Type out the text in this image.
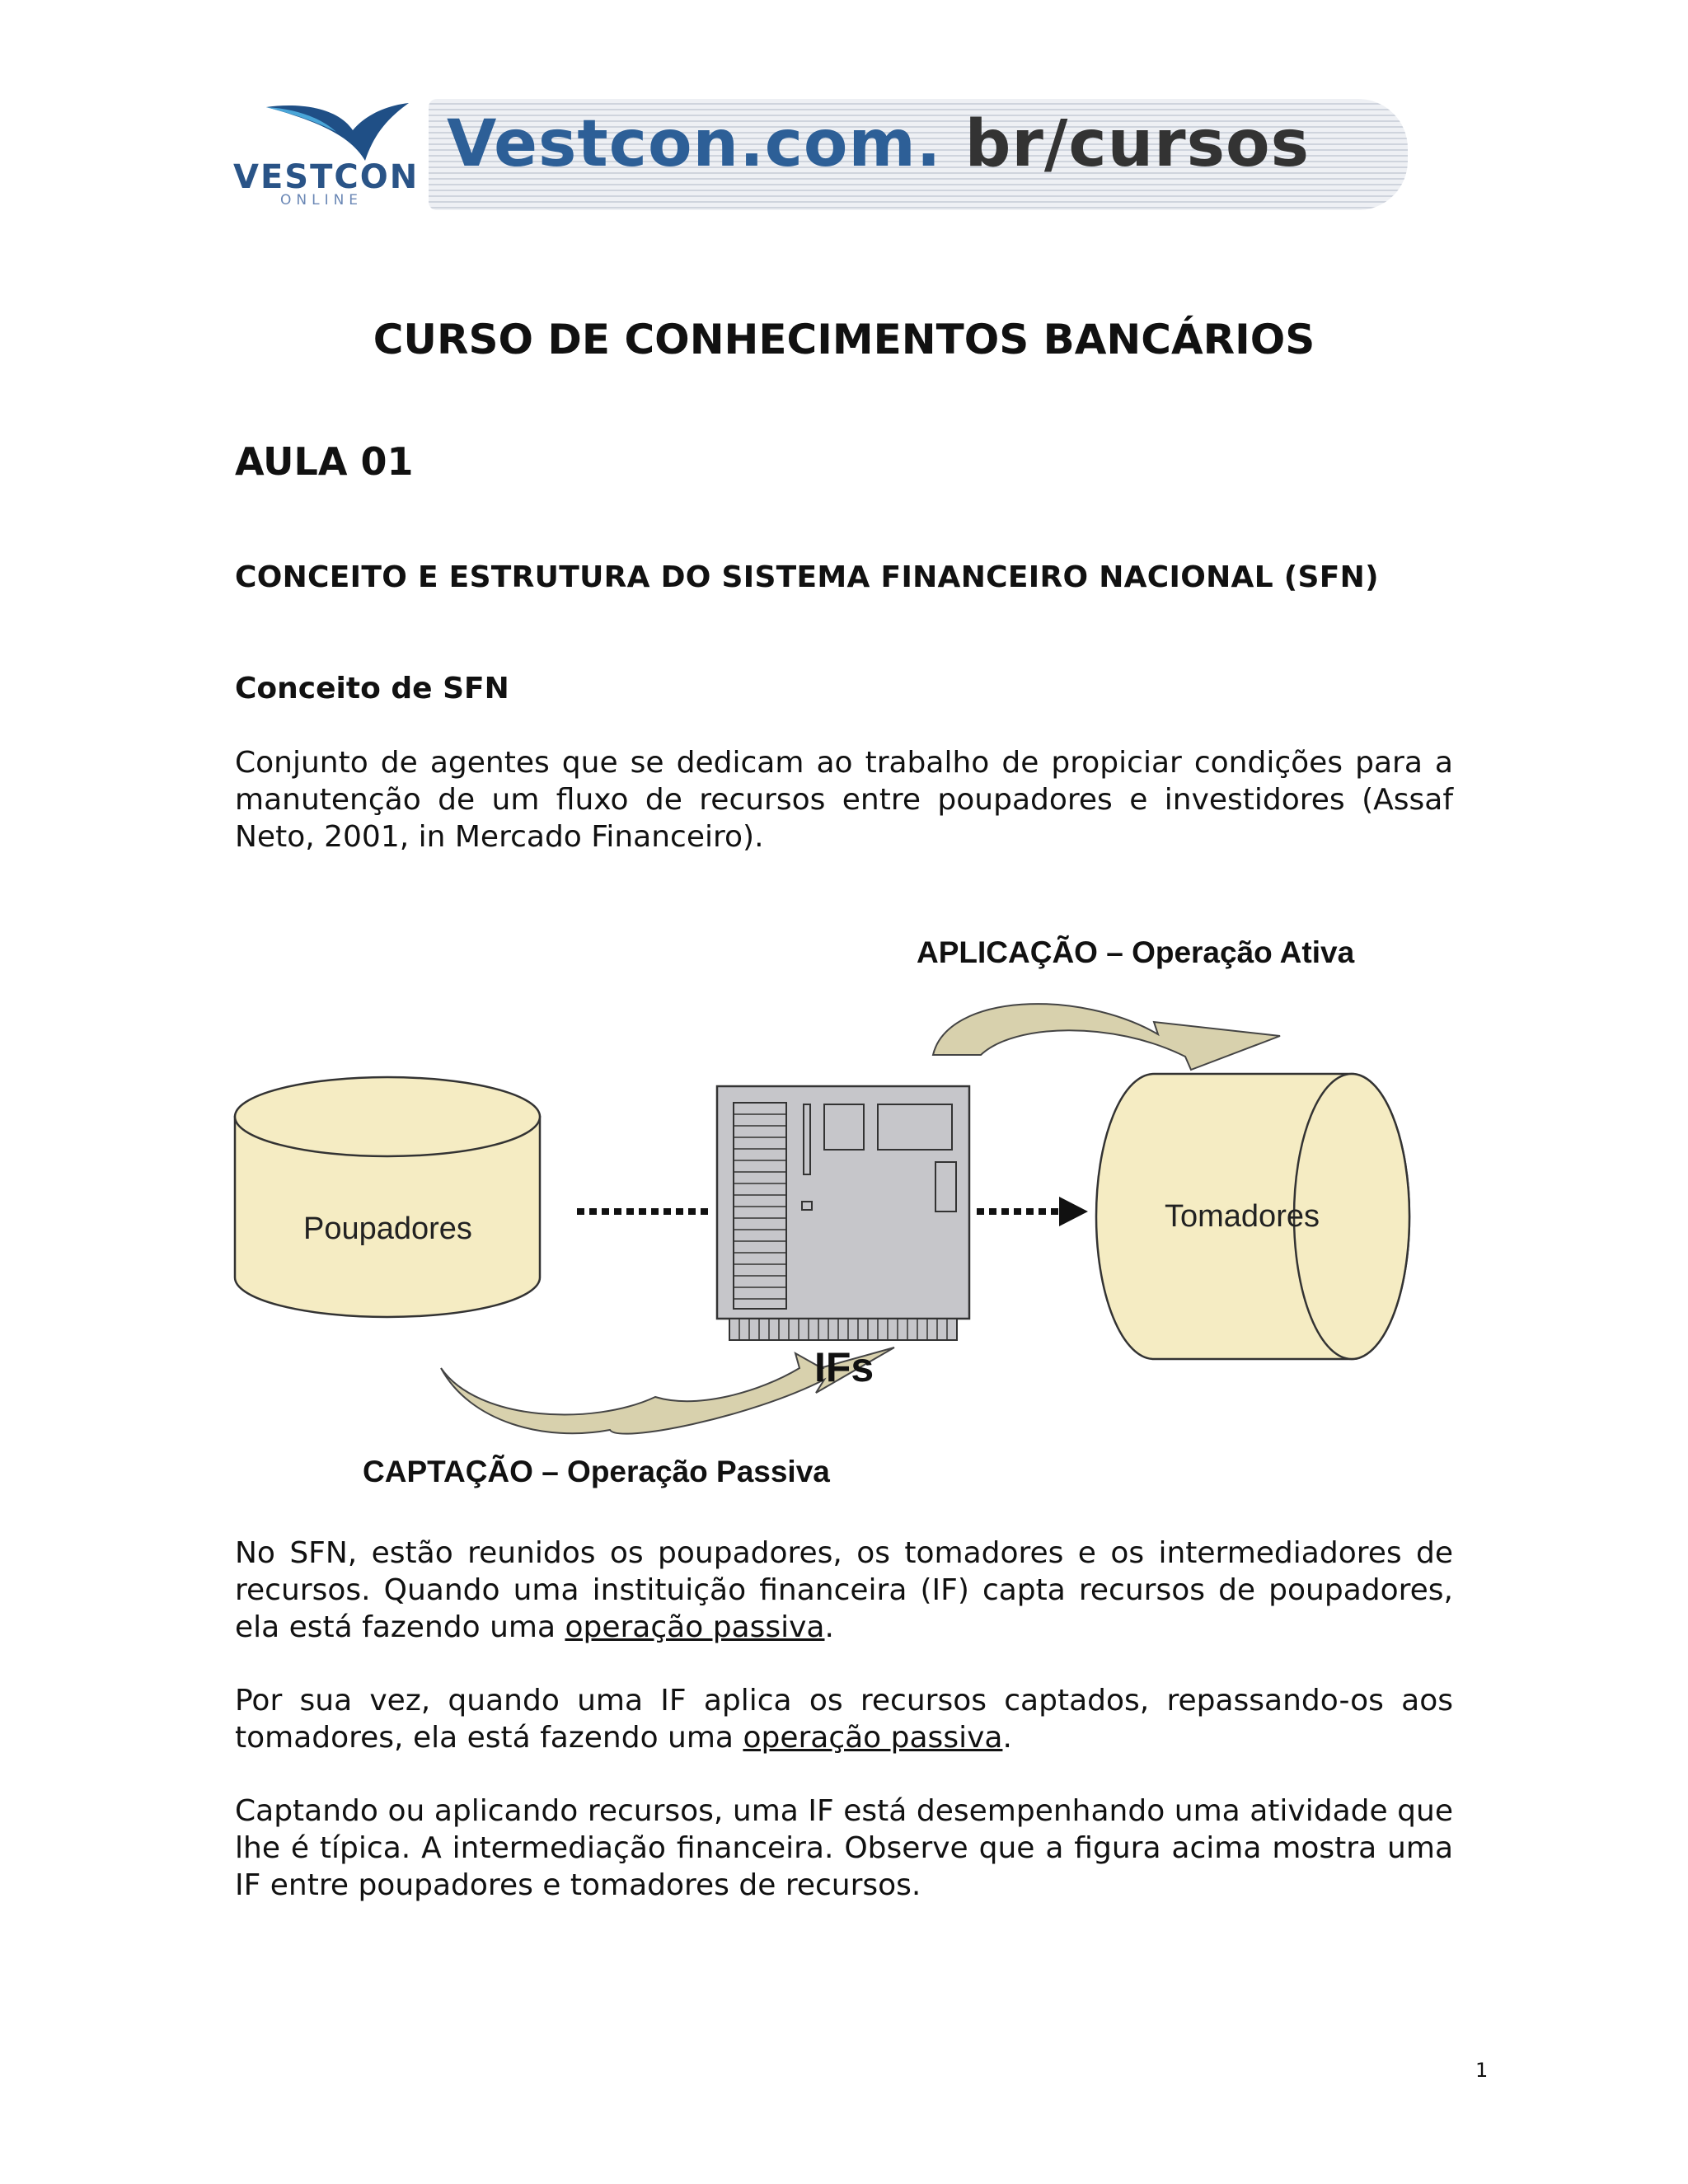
VESTCON
ONLINE
Vestcon.com. br/cursos
CURSO DE CONHECIMENTOS BANCÁRIOS
AULA 01
CONCEITO E ESTRUTURA DO SISTEMA FINANCEIRO NACIONAL (SFN)
Conceito de SFN
Conjunto de agentes que se dedicam ao trabalho de propiciar condições para a manutenção de um fluxo de recursos entre poupadores e investidores (Assaf Neto, 2001, in Mercado Financeiro).
APLICAÇÃO – Operação Ativa
CAPTAÇÃO – Operação Passiva
IFs
Poupadores	Tomadores
No SFN, estão reunidos os poupadores, os tomadores e os intermediadores de recursos. Quando uma instituição financeira (IF) capta recursos de poupadores, ela está fazendo uma operação passiva.
Por sua vez, quando uma IF aplica os recursos captados, repassando-os aos tomadores, ela está fazendo uma operação passiva.
Captando ou aplicando recursos, uma IF está desempenhando uma atividade que lhe é típica. A intermediação financeira. Observe que a figura acima mostra uma IF entre poupadores e tomadores de recursos.
1
